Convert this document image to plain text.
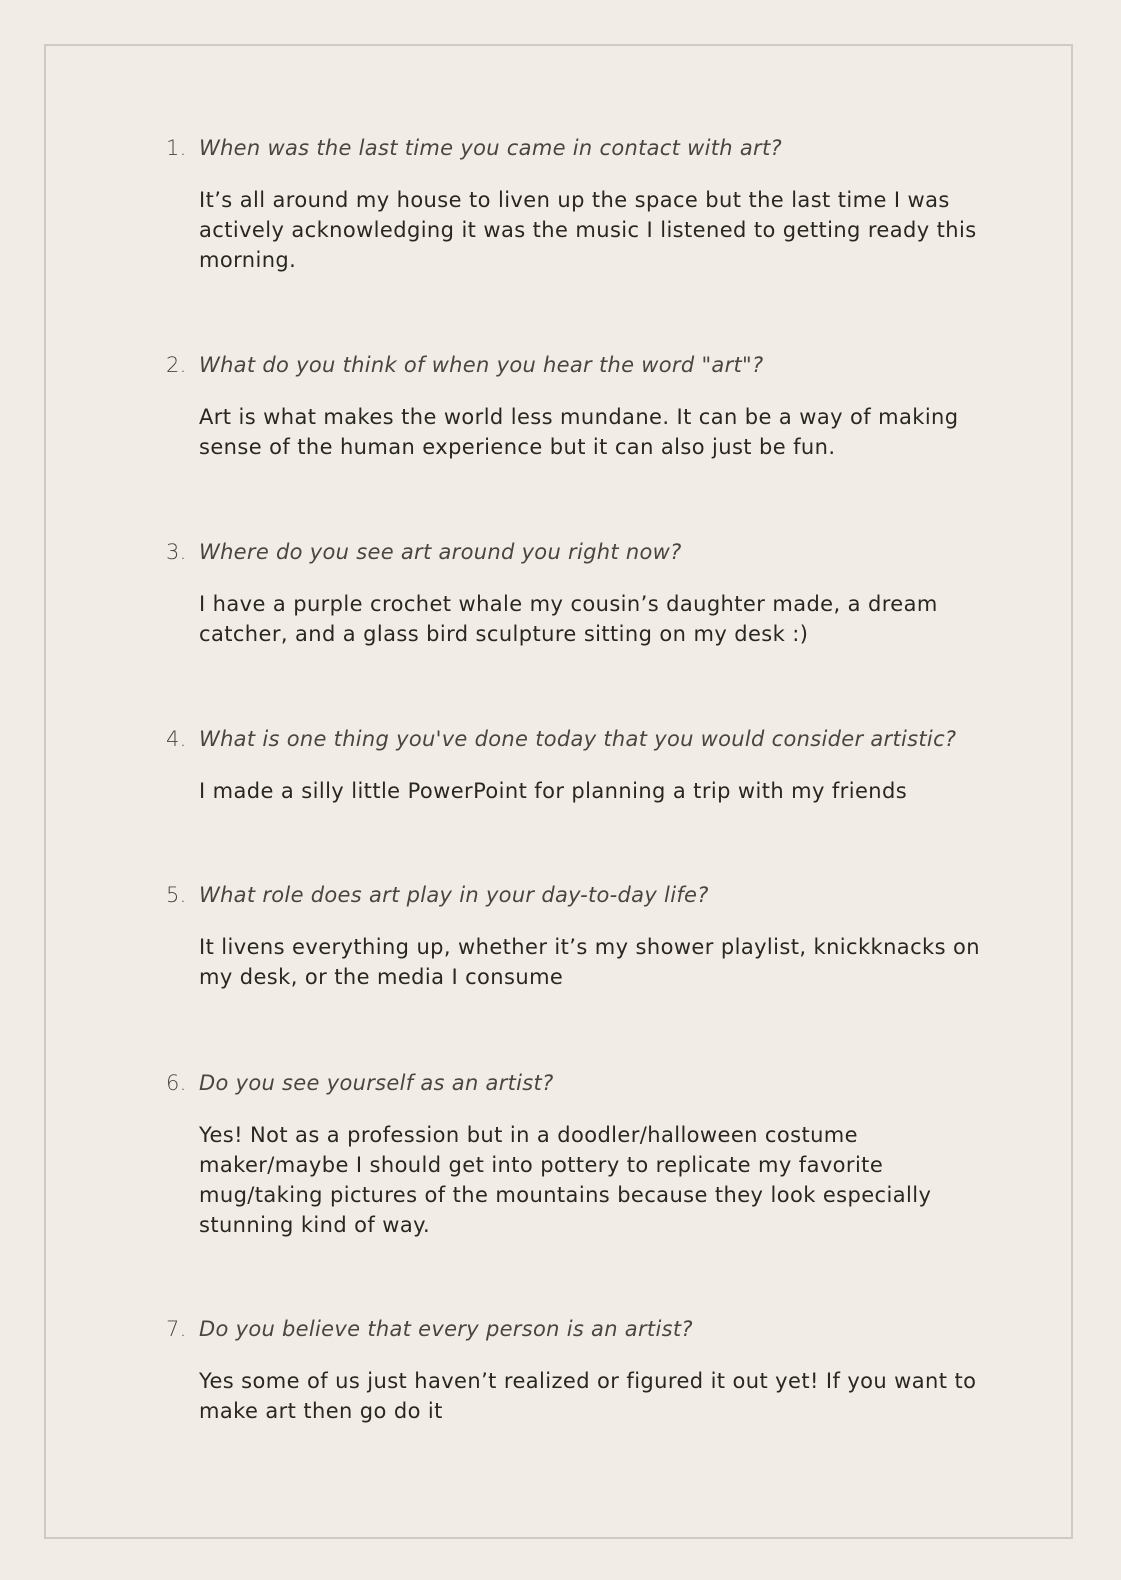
1 . When was the last time you came in contact with art?
It’s all around my house to liven up the space but the last time I was actively acknowledging it was the music I listened to getting ready this morning.
2 . What do you think of when you hear the word "art"?
Art is what makes the world less mundane. It can be a way of making sense of the human experience but it can also just be fun.
3 . Where do you see art around you right now?
I have a purple crochet whale my cousin’s daughter made, a dream catcher, and a glass bird sculpture sitting on my desk :)
4 . What is one thing you've done today that you would consider artistic?
I made a silly little PowerPoint for planning a trip with my friends
5 . What role does art play in your day-to-day life?
It livens everything up, whether it’s my shower playlist, knickknacks on my desk, or the media I consume
6 . Do you see yourself as an artist?
Yes! Not as a profession but in a doodler/halloween costume maker/maybe I should get into pottery to replicate my favorite mug/taking pictures of the mountains because they look especially stunning kind of way.
7 . Do you believe that every person is an artist?
Yes some of us just haven’t realized or figured it out yet! If you want to make art then go do it
